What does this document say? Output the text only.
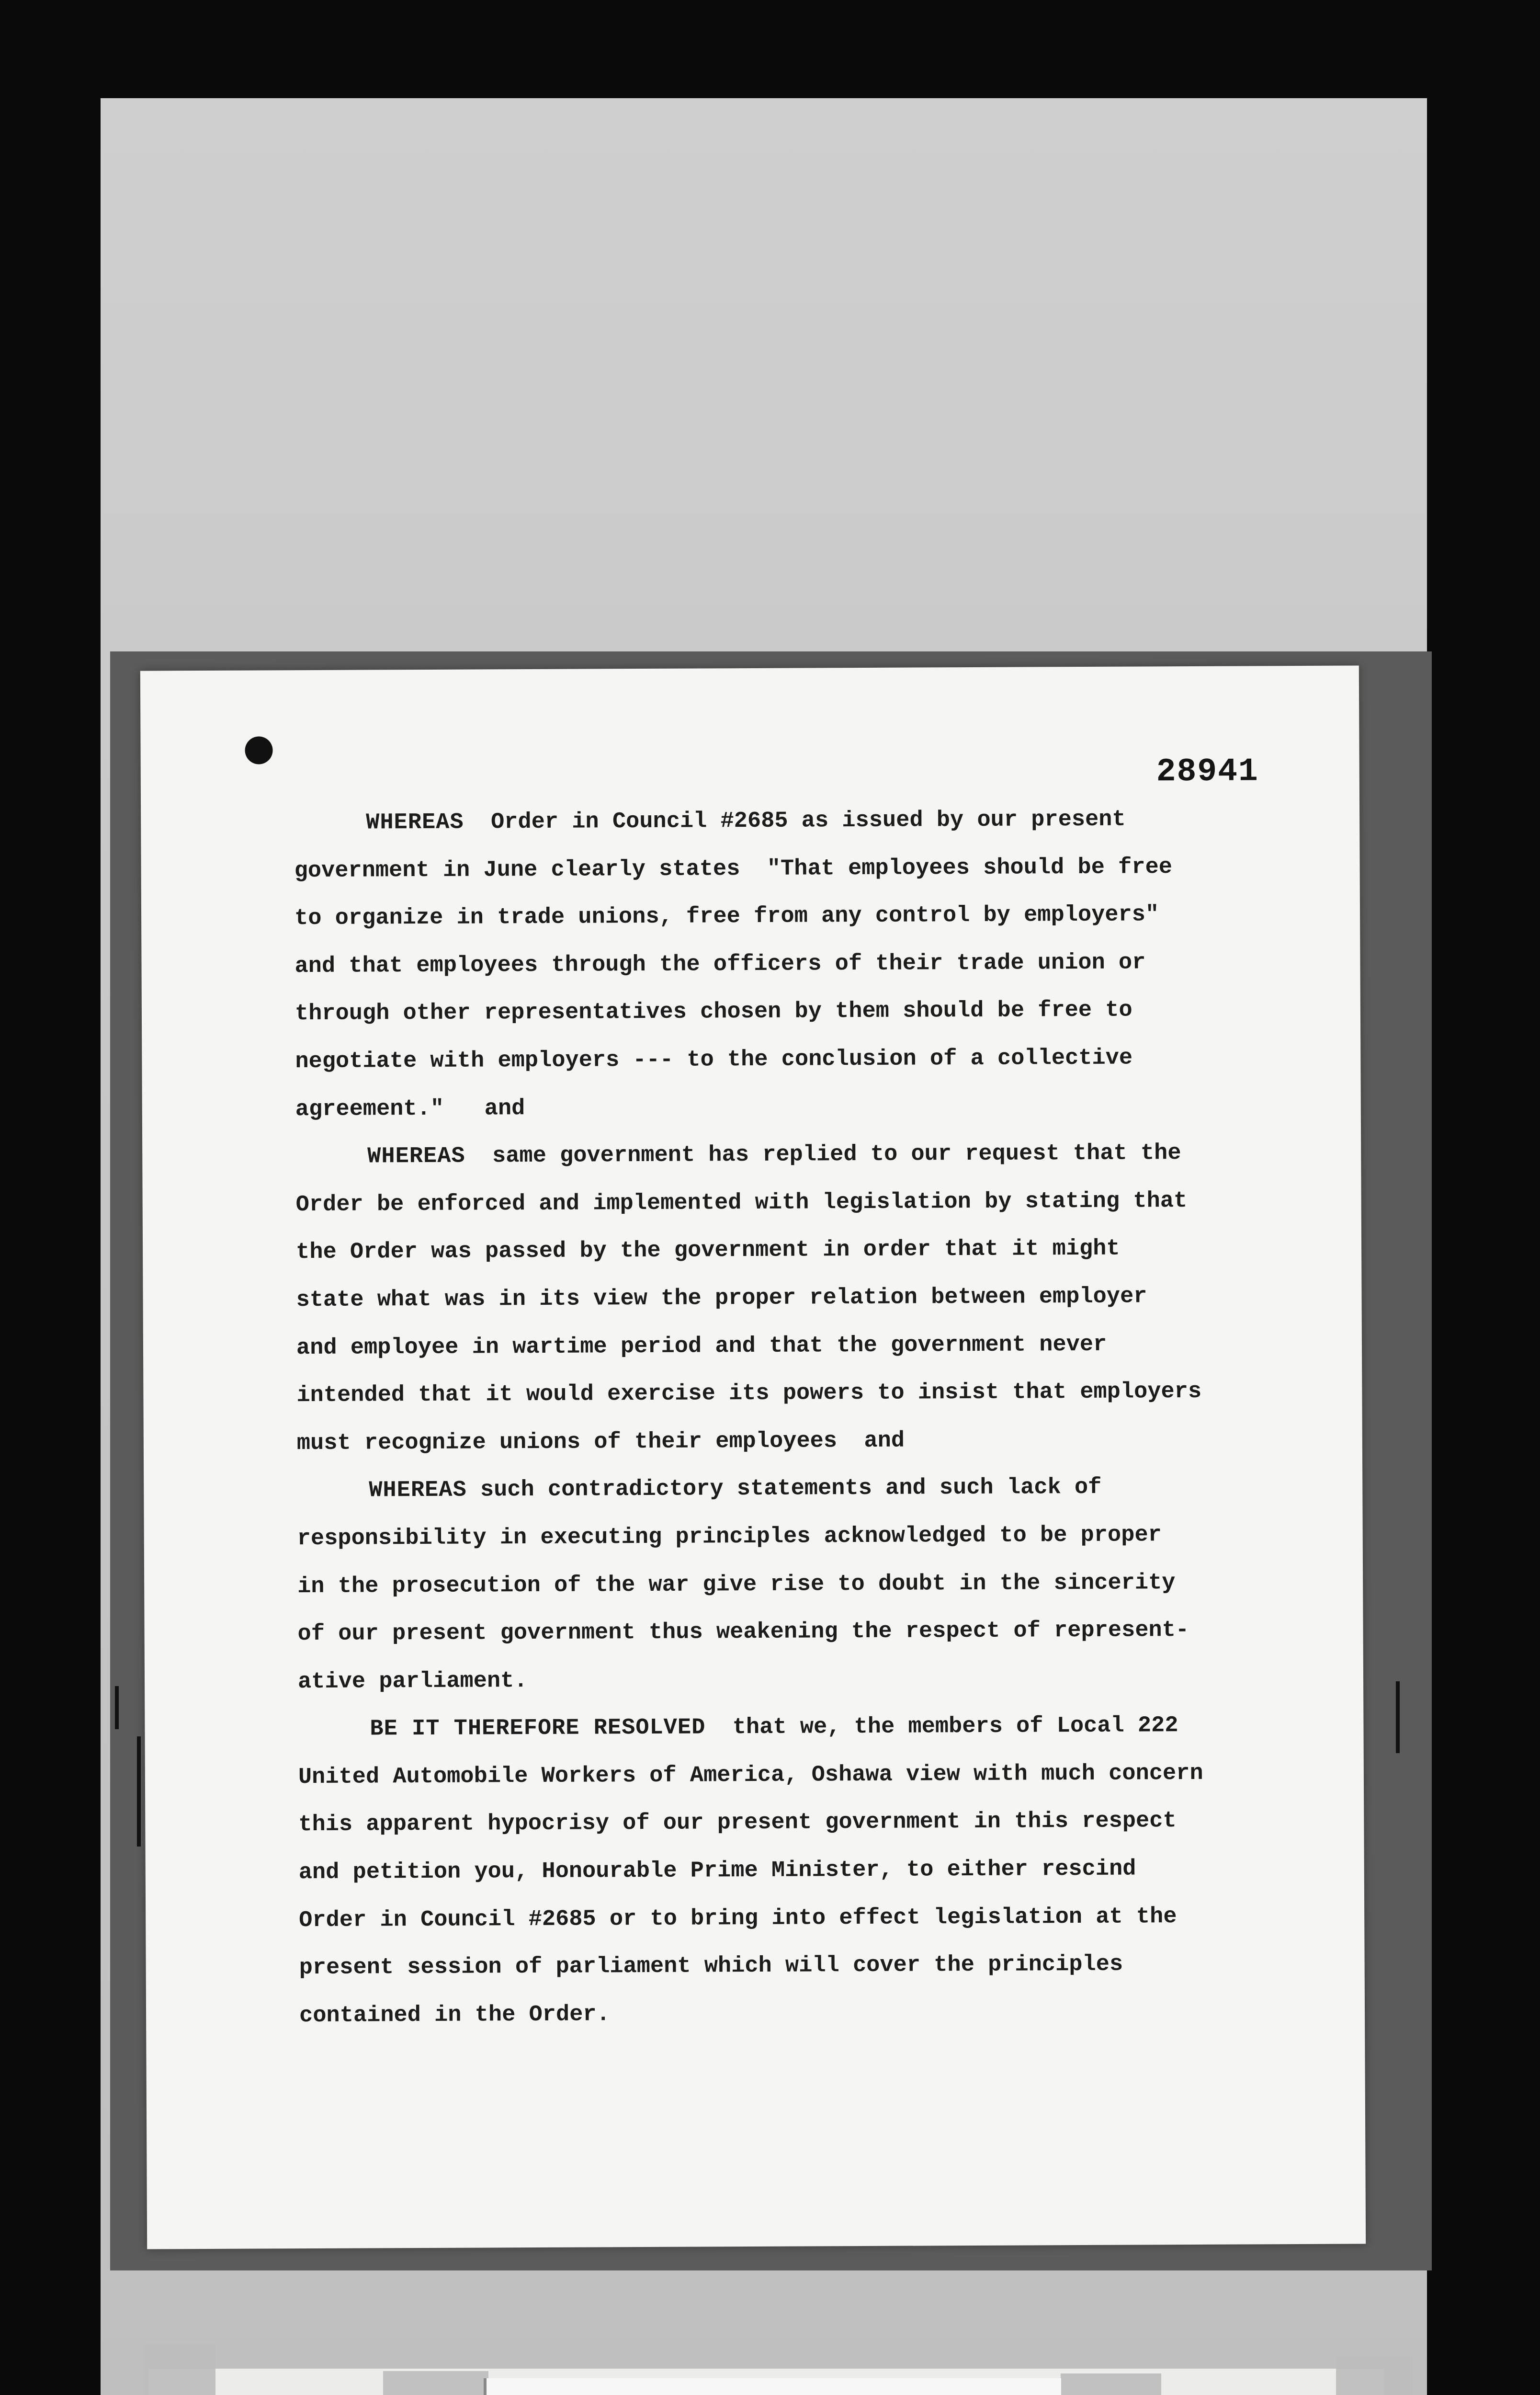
28941
WHEREAS  Order in Council #2685 as issued by our present
government in June clearly states  "That employees should be free
to organize in trade unions, free from any control by employers"
and that employees through the officers of their trade union or
through other representatives chosen by them should be free to
negotiate with employers --- to the conclusion of a collective
agreement."   and
WHEREAS  same government has replied to our request that the
Order be enforced and implemented with legislation by stating that
the Order was passed by the government in order that it might
state what was in its view the proper relation between employer
and employee in wartime period and that the government never
intended that it would exercise its powers to insist that employers
must recognize unions of their employees  and
WHEREAS such contradictory statements and such lack of
responsibility in executing principles acknowledged to be proper
in the prosecution of the war give rise to doubt in the sincerity
of our present government thus weakening the respect of represent-
ative parliament.
BE IT THEREFORE RESOLVED  that we, the members of Local 222
United Automobile Workers of America, Oshawa view with much concern
this apparent hypocrisy of our present government in this respect
and petition you, Honourable Prime Minister, to either rescind
Order in Council #2685 or to bring into effect legislation at the
present session of parliament which will cover the principles
contained in the Order.
